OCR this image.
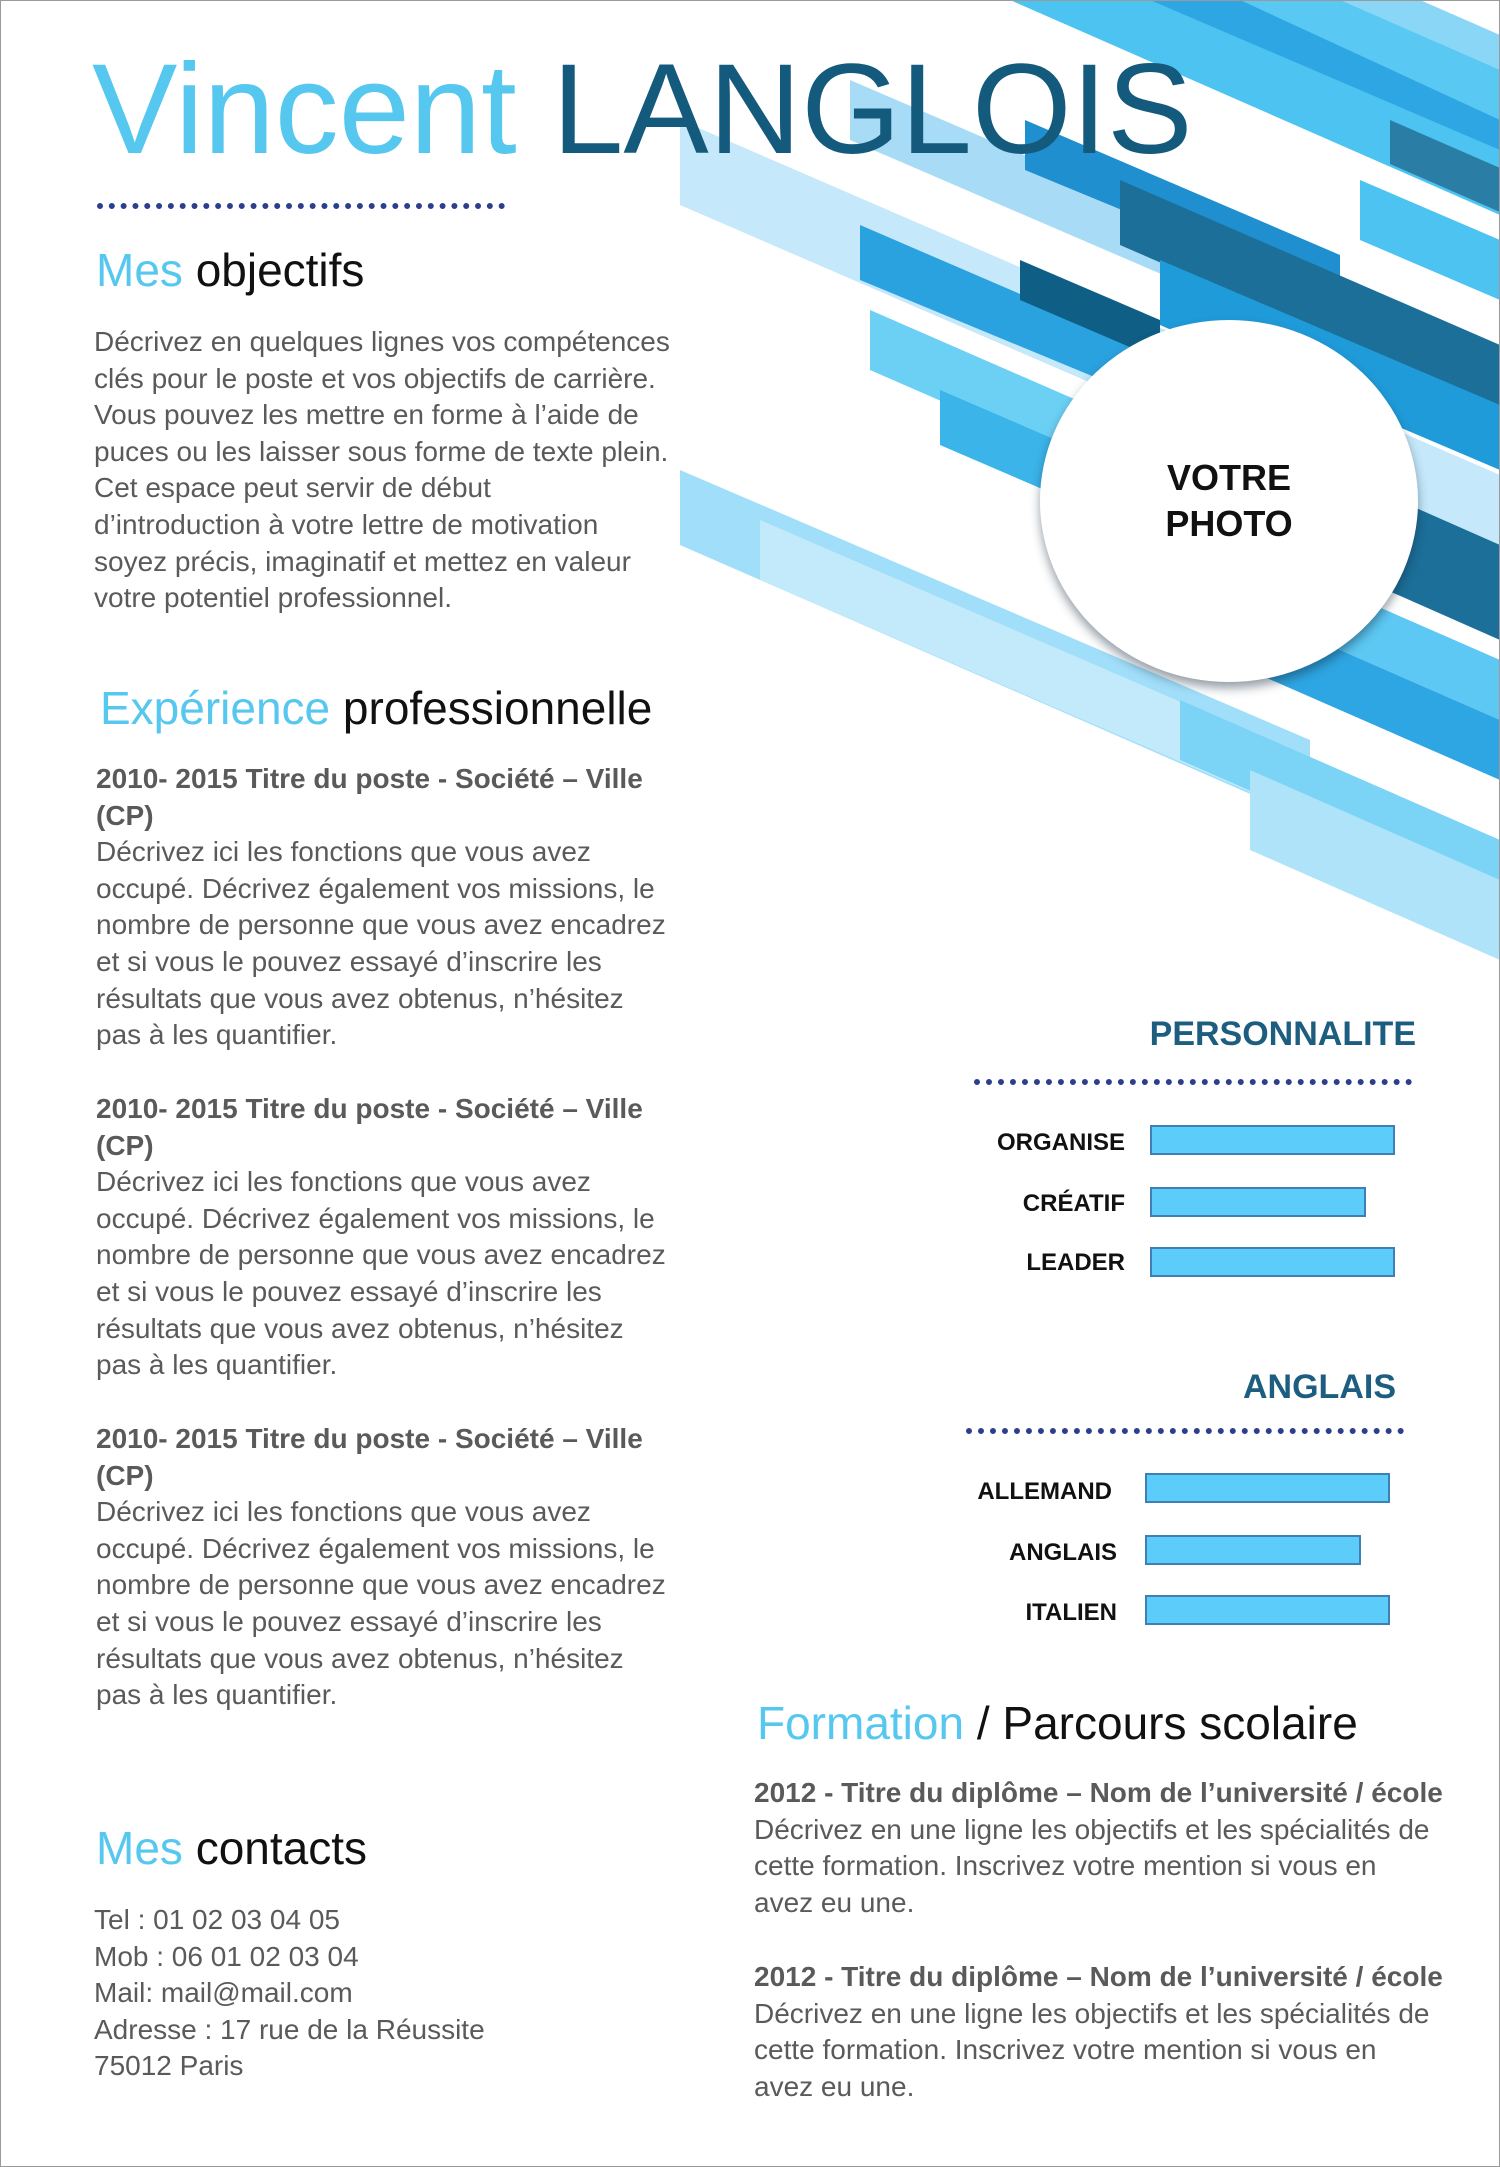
Vincent LANGLOIS
VOTRE
PHOTO
Mes objectifs
Décrivez en quelques lignes vos compétences
clés pour le poste et vos objectifs de carrière.
Vous pouvez les mettre en forme à l’aide de
puces ou les laisser sous forme de texte plein.
Cet espace peut servir de début
d’introduction à votre lettre de motivation
soyez précis, imaginatif et mettez en valeur
votre potentiel professionnel.
Expérience professionnelle

2010- 2015 Titre du poste - Société – Ville

(CP)

Décrivez ici les fonctions que vous avez

occupé. Décrivez également vos missions, le

nombre de personne que vous avez encadrez

et si vous le pouvez essayé d’inscrire les

résultats que vous avez obtenus, n’hésitez

pas à les quantifier.

2010- 2015 Titre du poste - Société – Ville

(CP)

Décrivez ici les fonctions que vous avez

occupé. Décrivez également vos missions, le

nombre de personne que vous avez encadrez

et si vous le pouvez essayé d’inscrire les

résultats que vous avez obtenus, n’hésitez

pas à les quantifier.

2010- 2015 Titre du poste - Société – Ville

(CP)

Décrivez ici les fonctions que vous avez

occupé. Décrivez également vos missions, le

nombre de personne que vous avez encadrez

et si vous le pouvez essayé d’inscrire les

résultats que vous avez obtenus, n’hésitez

pas à les quantifier.

PERSONNALITE
ORGANISE
CRÉATIF
LEADER
ANGLAIS
ALLEMAND
ANGLAIS
ITALIEN
Formation / Parcours scolaire

2012 - Titre du diplôme – Nom de l’université / école

Décrivez en une ligne les objectifs et les spécialités de

cette formation. Inscrivez votre mention si vous en

avez eu une.

2012 - Titre du diplôme – Nom de l’université / école

Décrivez en une ligne les objectifs et les spécialités de

cette formation. Inscrivez votre mention si vous en

avez eu une.

Mes contacts

Tel : 01 02 03 04 05

Mob : 06 01 02 03 04

Mail: mail@mail.com

Adresse : 17 rue de la Réussite

75012 Paris
